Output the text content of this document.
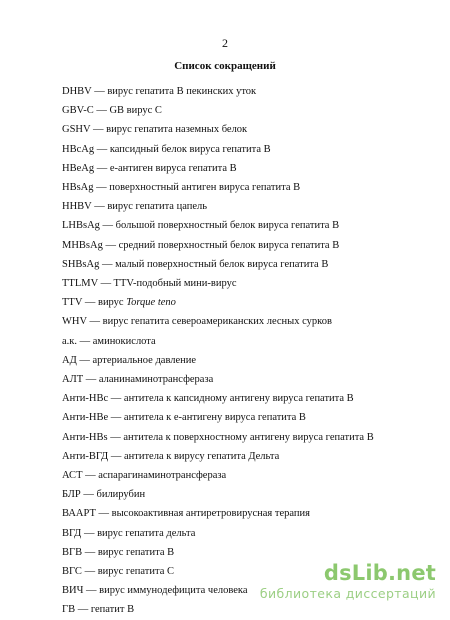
2
Список сокращений
DHBV — вирус гепатита В пекинских уток
GBV-C — GB вирус С
GSHV — вирус гепатита наземных белок
HBcAg — капсидный белок вируса гепатита В
HBeAg — е-антиген вируса гепатита В
HBsAg — поверхностный антиген вируса гепатита В
HHBV — вирус гепатита цапель
LHBsAg — большой поверхностный белок вируса гепатита В
MHBsAg — средний поверхностный белок вируса гепатита В
SHBsAg — малый поверхностный белок вируса гепатита В
TTLMV — TTV-подобный мини-вирус
TTV — вирус Torque teno
WHV — вирус гепатита североамериканских лесных сурков
а.к. — аминокислота
АД — артериальное давление
АЛТ — аланинаминотрансфераза
Анти-НВс — антитела к капсидному антигену вируса гепатита В
Анти-НВе — антитела к е-антигену вируса гепатита В
Анти-НВs — антитела к поверхностному антигену вируса гепатита В
Анти-ВГД — антитела к вирусу гепатита Дельта
АСТ — аспарагинаминотрансфераза
БЛР — билирубин
ВААРТ — высокоактивная антиретровирусная терапия
ВГД — вирус гепатита дельта
ВГВ — вирус гепатита В
ВГС — вирус гепатита С
ВИЧ — вирус иммунодефицита человека
ГВ — гепатит В
dsLib.net
библиотека диссертаций
